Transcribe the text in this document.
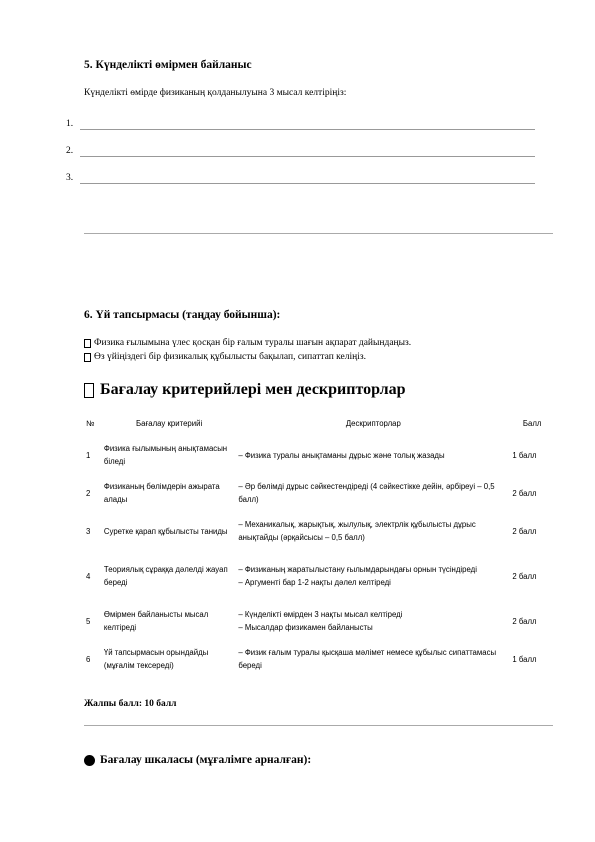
5. Күнделікті өмірмен байланыс
Күнделікті өмірде физиканың қолданылуына 3 мысал келтіріңіз:
1.
2.
3.
6. Үй тапсырмасы (таңдау бойынша):
Физика ғылымына үлес қосқан бір ғалым туралы шағын ақпарат дайындаңыз.
Өз үйіңіздегі бір физикалық құбылысты бақылап, сипаттап келіңіз.
Бағалау критерийлері мен дескрипторлар
№	Бағалау критерийі	Дескрипторлар	Балл
1	Физика ғылымының анықтамасын біледі	– Физика туралы анықтаманы дұрыс және толық жазады	1 балл
2	Физиканың бөлімдерін ажырата алады	– Әр бөлімді дұрыс сәйкестендіреді (4 сәйкестікке дейін, әрбіреуі – 0,5 балл)	2 балл
3	Суретке қарап құбылысты таниды	– Механикалық, жарықтық, жылулық, электрлік құбылысты дұрыс анықтайды (әрқайсысы – 0,5 балл)	2 балл
4	Теориялық сұраққа дәлелді жауап береді	– Физиканың жаратылыстану ғылымдарындағы орнын түсіндіреді
– Аргументі бар 1-2 нақты дәлел келтіреді	2 балл
5	Өмірмен байланысты мысал келтіреді	– Күнделікті өмірден 3 нақты мысал келтіреді
– Мысалдар физикамен байланысты	2 балл
6	Үй тапсырмасын орындайды (мұғалім тексереді)	– Физик ғалым туралы қысқаша мәлімет немесе құбылыс сипаттамасы береді	1 балл
Жалпы балл: 10 балл
Бағалау шкаласы (мұғалімге арналған):
